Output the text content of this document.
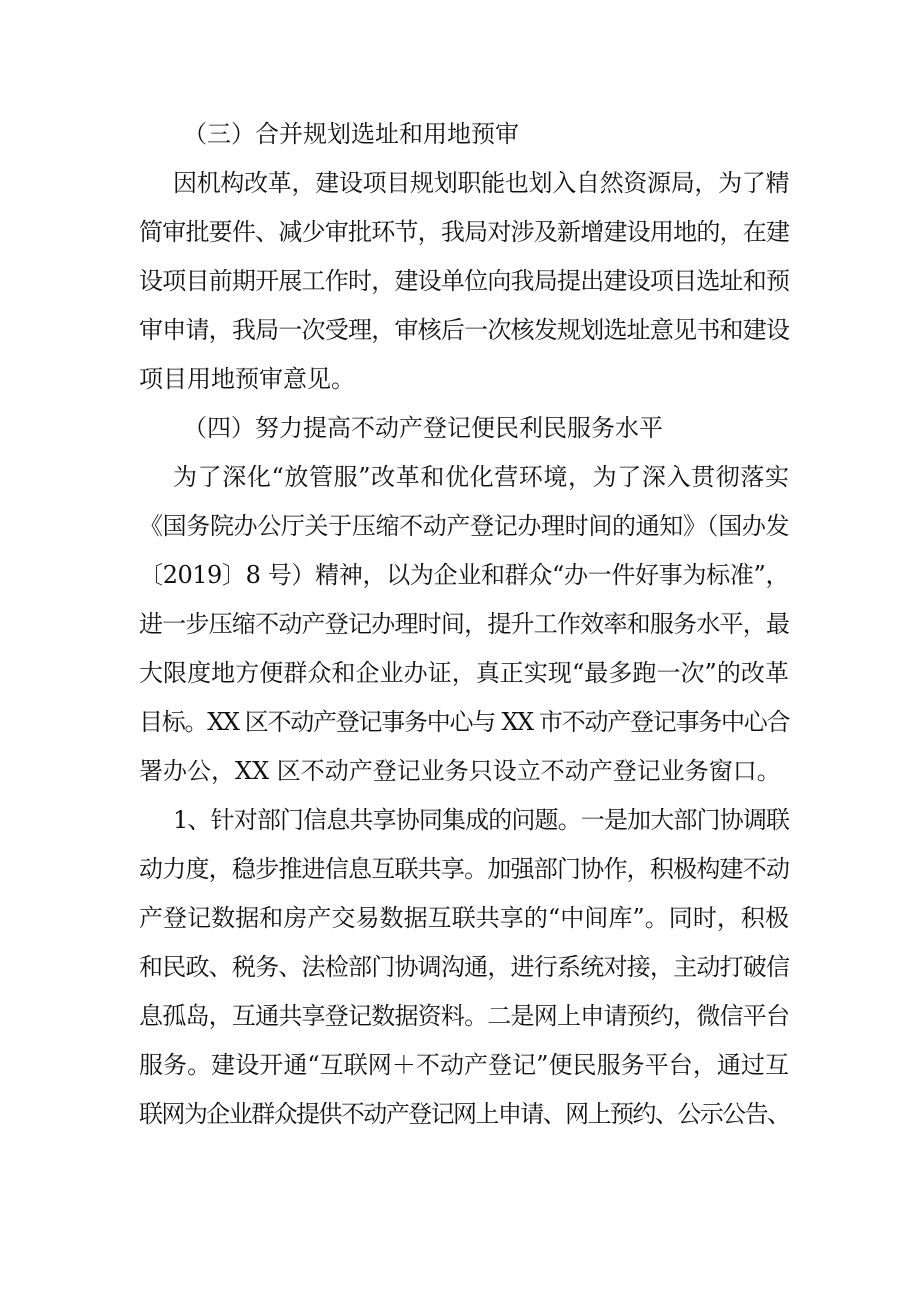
（三）合并规划选址和用地预审
因机构改革，建设项目规划职能也划入自然资源局，为了精
简审批要件、减少审批环节，我局对涉及新增建设用地的，在建
设项目前期开展工作时，建设单位向我局提出建设项目选址和预
审申请，我局一次受理，审核后一次核发规划选址意见书和建设
项目用地预审意见。
（四）努力提高不动产登记便民利民服务水平
为了深化“放管服”改革和优化营环境，为了深入贯彻落实
《国务院办公厅关于压缩不动产登记办理时间的通知》（国办发
〔2019〕8 号）精神，以为企业和群众“办一件好事为标准”，
进一步压缩不动产登记办理时间，提升工作效率和服务水平，最
大限度地方便群众和企业办证，真正实现“最多跑一次”的改革
目标。XX 区不动产登记事务中心与 XX 市不动产登记事务中心合
署办公，XX 区不动产登记业务只设立不动产登记业务窗口。
1、针对部门信息共享协同集成的问题。一是加大部门协调联
动力度，稳步推进信息互联共享。加强部门协作，积极构建不动
产登记数据和房产交易数据互联共享的“中间库”。同时，积极
和民政、税务、法检部门协调沟通，进行系统对接，主动打破信
息孤岛，互通共享登记数据资料。二是网上申请预约，微信平台
服务。建设开通“互联网＋不动产登记”便民服务平台，通过互
联网为企业群众提供不动产登记网上申请、网上预约、公示公告、
